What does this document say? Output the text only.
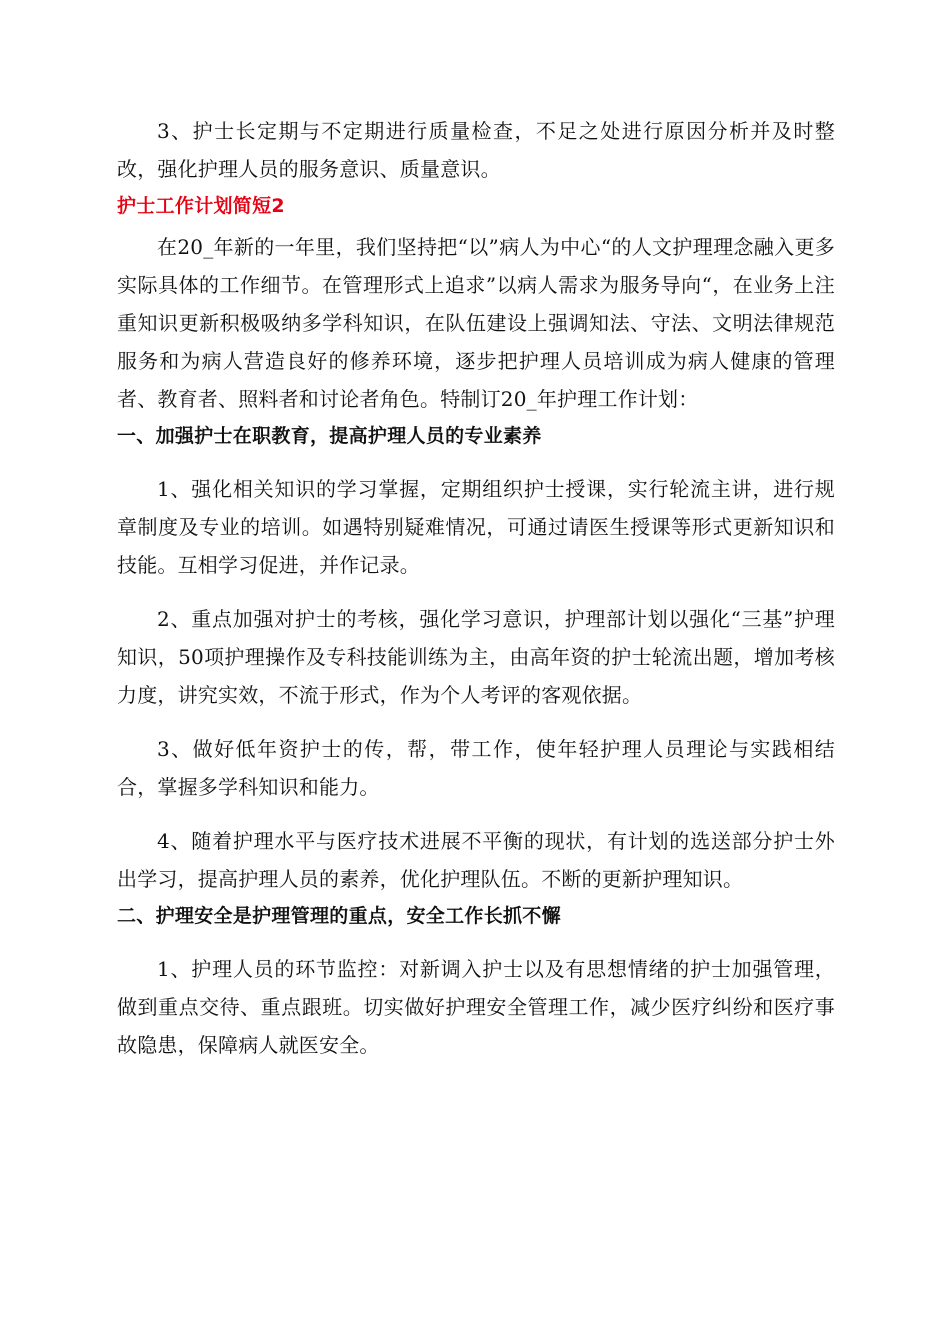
3、护士长定期与不定期进行质量检查，不足之处进行原因分析并及时整改，强化护理人员的服务意识、质量意识。

护士工作计划简短2

在20_年新的一年里，我们坚持把“以”病人为中心“的人文护理理念融入更多实际具体的工作细节。在管理形式上追求”以病人需求为服务导向“，在业务上注重知识更新积极吸纳多学科知识，在队伍建设上强调知法、守法、文明法律规范服务和为病人营造良好的修养环境，逐步把护理人员培训成为病人健康的管理者、教育者、照料者和讨论者角色。特制订20_年护理工作计划：

一、加强护士在职教育，提高护理人员的专业素养

1、强化相关知识的学习掌握，定期组织护士授课，实行轮流主讲，进行规章制度及专业的培训。如遇特别疑难情况，可通过请医生授课等形式更新知识和技能。互相学习促进，并作记录。

2、重点加强对护士的考核，强化学习意识，护理部计划以强化“三基”护理知识，50项护理操作及专科技能训练为主，由高年资的护士轮流出题，增加考核力度，讲究实效，不流于形式，作为个人考评的客观依据。

3、做好低年资护士的传，帮，带工作，使年轻护理人员理论与实践相结合，掌握多学科知识和能力。

4、随着护理水平与医疗技术进展不平衡的现状，有计划的选送部分护士外出学习，提高护理人员的素养，优化护理队伍。不断的更新护理知识。

二、护理安全是护理管理的重点，安全工作长抓不懈

1、护理人员的环节监控：对新调入护士以及有思想情绪的护士加强管理，做到重点交待、重点跟班。切实做好护理安全管理工作，减少医疗纠纷和医疗事故隐患，保障病人就医安全。
